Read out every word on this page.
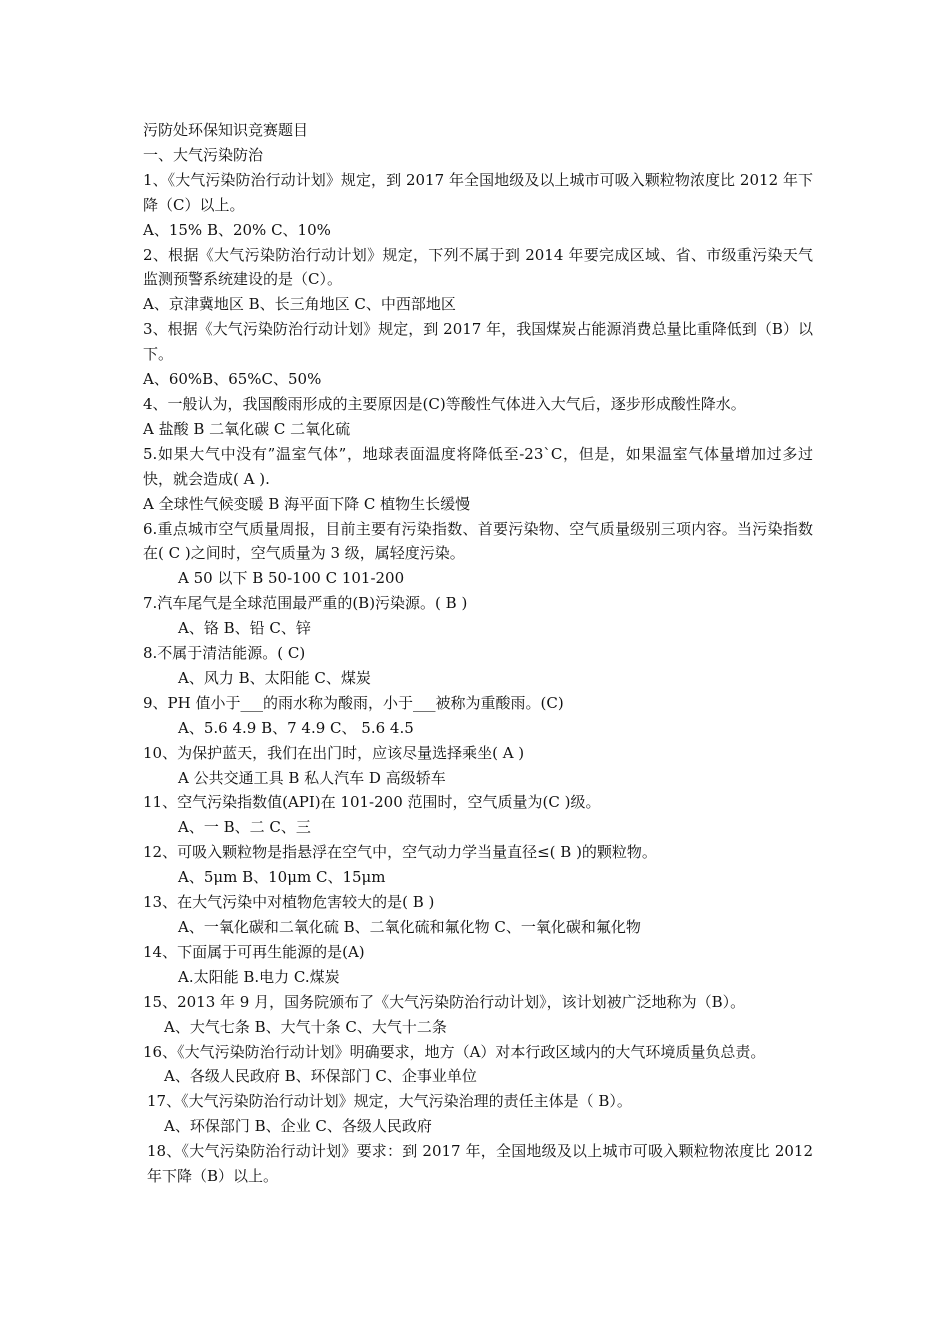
污防处环保知识竞赛题目
一、大气污染防治
1、《大气污染防治行动计划》规定，到 2017 年全国地级及以上城市可吸入颗粒物浓度比 2012 年下降（C）以上。
A、15% B、20% C、10%
2、根据《大气污染防治行动计划》规定，下列不属于到 2014 年要完成区域、省、市级重污染天气监测预警系统建设的是（C）。
A、京津冀地区 B、长三角地区 C、中西部地区
3、根据《大气污染防治行动计划》规定，到 2017 年，我国煤炭占能源消费总量比重降低到（B）以下。
A、60%B、65%C、50%
4、一般认为，我国酸雨形成的主要原因是(C)等酸性气体进入大气后，逐步形成酸性降水。
A 盐酸 B 二氧化碳 C 二氧化硫
5.如果大气中没有”温室气体”，地球表面温度将降低至-23`C，但是，如果温室气体量增加过多过快，就会造成( A ).
A 全球性气候变暖 B 海平面下降 C 植物生长缓慢
6.重点城市空气质量周报，目前主要有污染指数、首要污染物、空气质量级别三项内容。当污染指数在( C )之间时，空气质量为 3 级，属轻度污染。
A 50 以下 B 50-100 C 101-200
7.汽车尾气是全球范围最严重的(B)污染源。( B )
A、铬 B、铅 C、锌
8.不属于清洁能源。( C)
A、风力 B、太阳能 C、煤炭
9、PH 值小于___的雨水称为酸雨，小于___被称为重酸雨。(C)
A、5.6 4.9 B、7 4.9 C、 5.6 4.5
10、为保护蓝天，我们在出门时，应该尽量选择乘坐( A )
A 公共交通工具 B 私人汽车 D 高级轿车
11、空气污染指数值(API)在 101-200 范围时，空气质量为(C )级。
A、一 B、二 C、三
12、可吸入颗粒物是指悬浮在空气中，空气动力学当量直径≤( B )的颗粒物。
A、5μm B、10μm C、15μm
13、在大气污染中对植物危害较大的是( B )
A、一氧化碳和二氧化硫 B、二氧化硫和氟化物 C、一氧化碳和氟化物
14、下面属于可再生能源的是(A)
A.太阳能 B.电力 C.煤炭
15、2013 年 9 月，国务院颁布了《大气污染防治行动计划》，该计划被广泛地称为（B）。
A、大气七条 B、大气十条 C、大气十二条
16、《大气污染防治行动计划》明确要求，地方（A）对本行政区域内的大气环境质量负总责。
A、各级人民政府 B、环保部门 C、企事业单位
17、《大气污染防治行动计划》规定，大气污染治理的责任主体是（ B）。
A、环保部门 B、企业 C、各级人民政府
18、《大气污染防治行动计划》要求：到 2017 年，全国地级及以上城市可吸入颗粒物浓度比 2012 年下降（B）以上。
